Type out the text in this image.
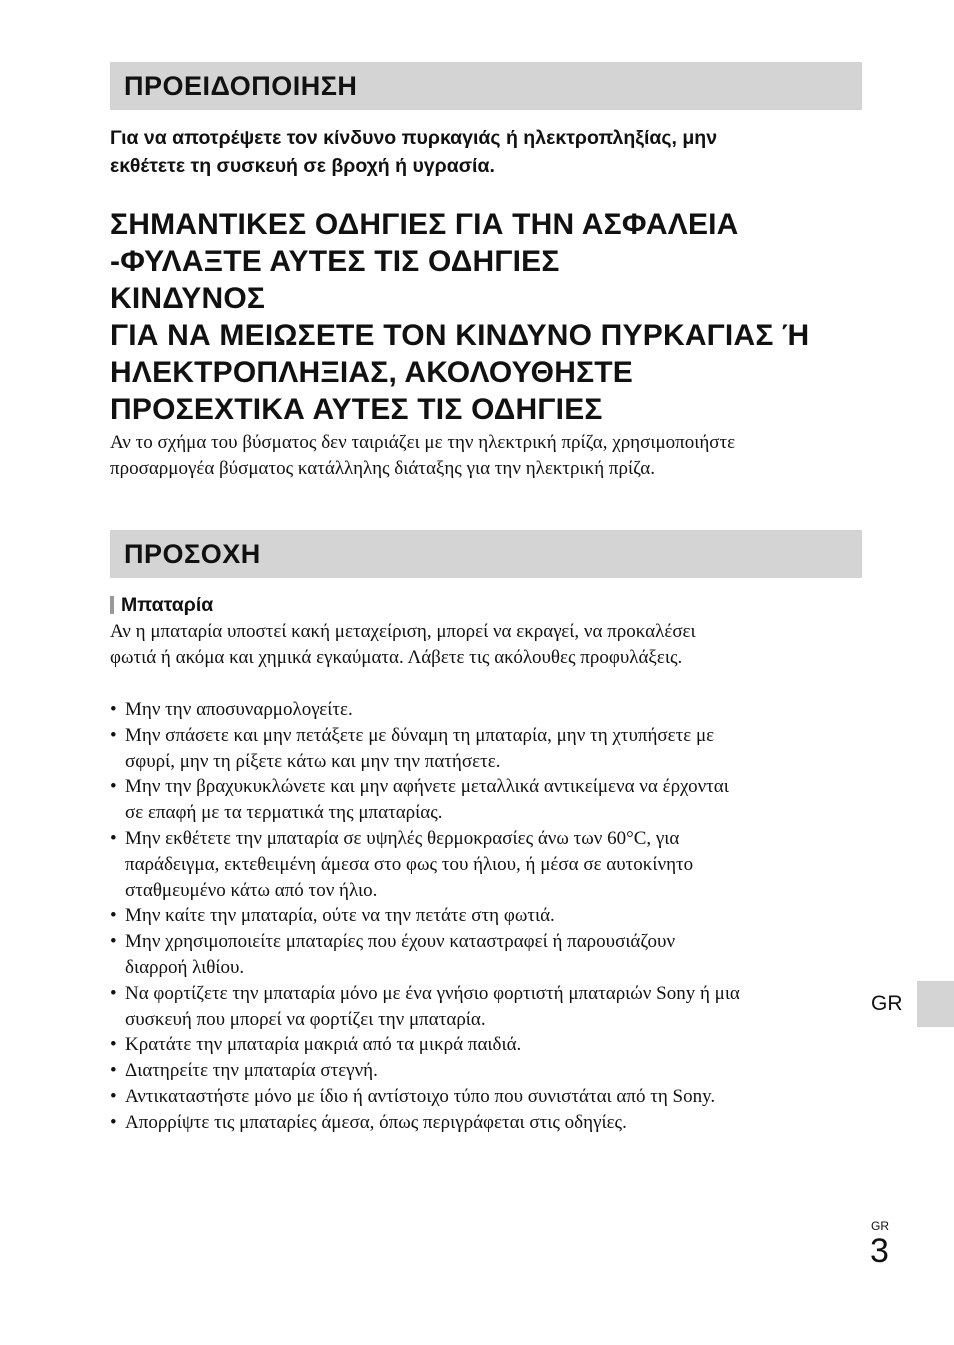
ΠΡΟΕΙΔΟΠΟΙΗΣΗ
Για να αποτρέψετε τον κίνδυνο πυρκαγιάς ή ηλεκτροπληξίας, μην
εκθέτετε τη συσκευή σε βροχή ή υγρασία.
ΣΗΜΑΝΤΙΚΕΣ ΟΔΗΓΙΕΣ ΓΙΑ ΤΗΝ ΑΣΦΑΛΕΙΑ
-ΦΥΛΑΞΤΕ ΑΥΤΕΣ ΤΙΣ ΟΔΗΓΙΕΣ
ΚΙΝΔΥΝΟΣ
ΓΙΑ ΝΑ ΜΕΙΩΣΕΤΕ ΤΟΝ ΚΙΝΔΥΝΟ ΠΥΡΚΑΓΙΑΣ Ή
ΗΛΕΚΤΡΟΠΛΗΞΙΑΣ, ΑΚΟΛΟΥΘΗΣΤΕ
ΠΡΟΣΕΧΤΙΚΑ ΑΥΤΕΣ ΤΙΣ ΟΔΗΓΙΕΣ
Αν το σχήμα του βύσματος δεν ταιριάζει με την ηλεκτρική πρίζα, χρησιμοποιήστε
προσαρμογέα βύσματος κατάλληλης διάταξης για την ηλεκτρική πρίζα.
ΠΡΟΣΟΧΗ
Μπαταρία
Αν η μπαταρία υποστεί κακή μεταχείριση, μπορεί να εκραγεί, να προκαλέσει
φωτιά ή ακόμα και χημικά εγκαύματα. Λάβετε τις ακόλουθες προφυλάξεις.
• Μην την αποσυναρμολογείτε.
• Μην σπάσετε και μην πετάξετε με δύναμη τη μπαταρία, μην τη χτυπήσετε με
σφυρί, μην τη ρίξετε κάτω και μην την πατήσετε.
• Μην την βραχυκυκλώνετε και μην αφήνετε μεταλλικά αντικείμενα να έρχονται
σε επαφή με τα τερματικά της μπαταρίας.
• Μην εκθέτετε την μπαταρία σε υψηλές θερμοκρασίες άνω των 60°C, για
παράδειγμα, εκτεθειμένη άμεσα στο φως του ήλιου, ή μέσα σε αυτοκίνητο
σταθμευμένο κάτω από τον ήλιο.
• Μην καίτε την μπαταρία, ούτε να την πετάτε στη φωτιά.
• Μην χρησιμοποιείτε μπαταρίες που έχουν καταστραφεί ή παρουσιάζουν
διαρροή λιθίου.
• Να φορτίζετε την μπαταρία μόνο με ένα γνήσιο φορτιστή μπαταριών Sony ή μια
συσκευή που μπορεί να φορτίζει την μπαταρία.
• Κρατάτε την μπαταρία μακριά από τα μικρά παιδιά.
• Διατηρείτε την μπαταρία στεγνή.
• Αντικαταστήστε μόνο με ίδιο ή αντίστοιχο τύπο που συνιστάται από τη Sony.
• Απορρίψτε τις μπαταρίες άμεσα, όπως περιγράφεται στις οδηγίες.
GR
GR
3
